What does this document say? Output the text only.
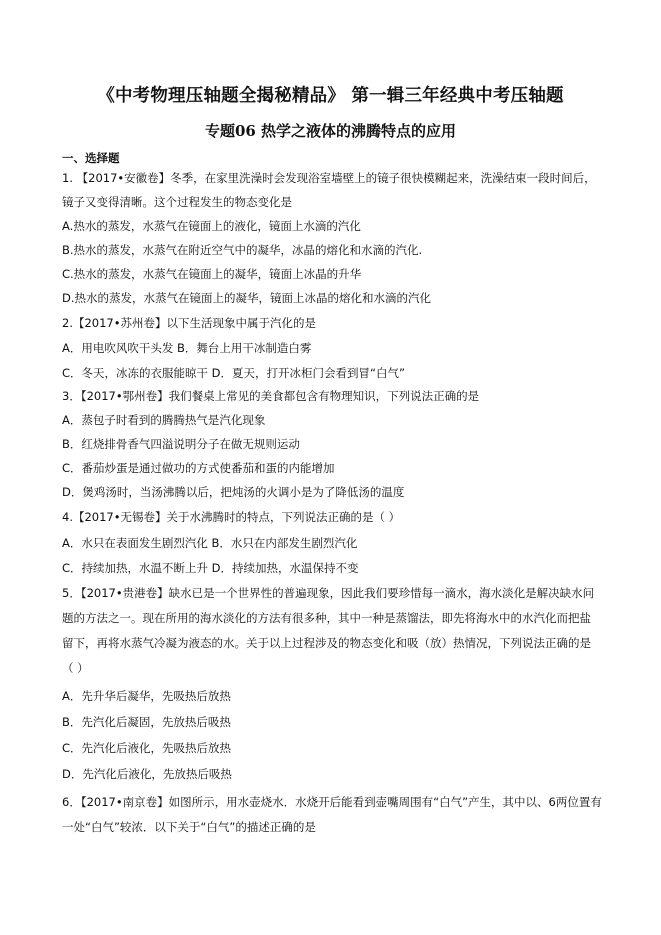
《中考物理压轴题全揭秘精品》 第一辑三年经典中考压轴题
专题06 热学之液体的沸腾特点的应用
一、选择题
1. 【2017•安徽卷】冬季，在家里洗澡时会发现浴室墙壁上的镜子很快模糊起来，洗澡结束一段时间后，
镜子又变得清晰。这个过程发生的物态变化是
A.热水的蒸发，水蒸气在镜面上的液化，镜面上水滴的汽化
B.热水的蒸发，水蒸气在附近空气中的凝华，冰晶的熔化和水滴的汽化.
C.热水的蒸发，水蒸气在镜面上的凝华，镜面上冰晶的升华
D.热水的蒸发，水蒸气在镜面上的凝华，镜面上冰晶的熔化和水滴的汽化
2.【2017•苏州卷】以下生活现象中属于汽化的是
A．用电吹风吹干头发 B．舞台上用干冰制造白雾
C．冬天，冰冻的衣服能晾干 D．夏天，打开冰柜门会看到冒“白气”
3．【2017•鄂州卷】我们餐桌上常见的美食都包含有物理知识，下列说法正确的是
A．蒸包子时看到的腾腾热气是汽化现象
B．红烧排骨香气四溢说明分子在做无规则运动
C．番茄炒蛋是通过做功的方式使番茄和蛋的内能增加
D．煲鸡汤时，当汤沸腾以后，把炖汤的火调小是为了降低汤的温度
4.【2017•无锡卷】关于水沸腾时的特点，下列说法正确的是（ ）
A．水只在表面发生剧烈汽化 B．水只在内部发生剧烈汽化
C．持续加热，水温不断上升 D．持续加热，水温保持不变
5．【2017•贵港卷】缺水已是一个世界性的普遍现象，因此我们要珍惜每一滴水，海水淡化是解决缺水问
题的方法之一。现在所用的海水淡化的方法有很多种，其中一种是蒸馏法，即先将海水中的水汽化而把盐
留下，再将水蒸气冷凝为液态的水。关于以上过程涉及的物态变化和吸（放）热情况，下列说法正确的是
（ ）
A．先升华后凝华，先吸热后放热
B．先汽化后凝固，先放热后吸热
C．先汽化后液化，先吸热后放热
D．先汽化后液化，先放热后吸热
6．【2017•南京卷】如图所示，用水壶烧水．水烧开后能看到壶嘴周围有“白气”产生，其中以、6两位置有
一处“白气”较浓．以下关于“白气”的描述正确的是
